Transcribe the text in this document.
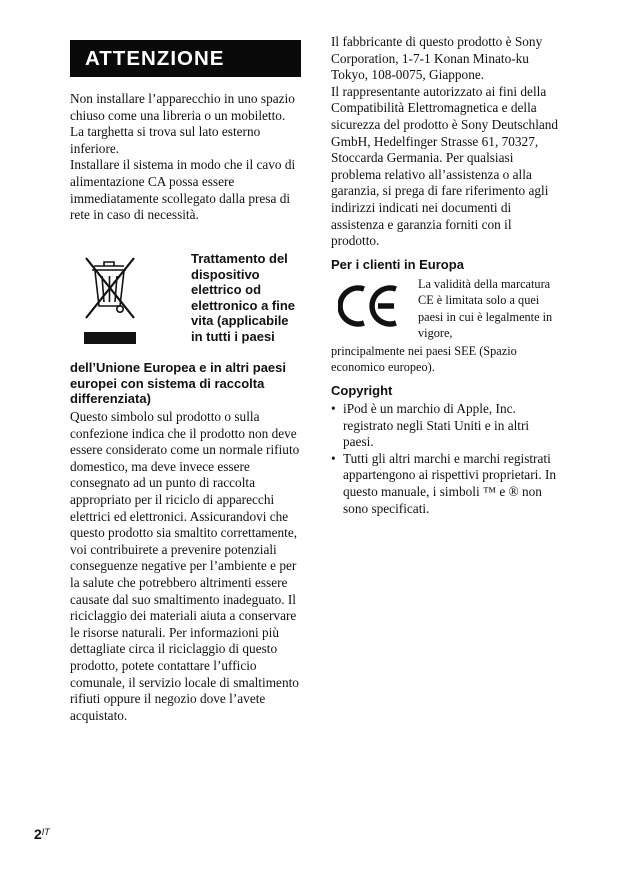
ATTENZIONE

Non installare l’apparecchio in uno spazio chiuso come una libreria o un mobiletto.

La targhetta si trova sul lato esterno inferiore.

Installare il sistema in modo che il cavo di alimentazione CA possa essere immediatamente scollegato dalla presa di rete in caso di necessità.

Trattamento del dispositivo elettrico od elettronico a fine vita (applicabile in tutti i paesi
dell’Unione Europea e in altri paesi europei con sistema di raccolta differenziata)

Questo simbolo sul prodotto o sulla confezione indica che il prodotto non deve essere considerato come un normale rifiuto domestico, ma deve invece essere consegnato ad un punto di raccolta appropriato per il riciclo di apparecchi elettrici ed elettronici. Assicurandovi che questo prodotto sia smaltito correttamente, voi contribuirete a prevenire potenziali conseguenze negative per l’ambiente e per la salute che potrebbero altrimenti essere causate dal suo smaltimento inadeguato. Il riciclaggio dei materiali aiuta a conservare le risorse naturali. Per informazioni più dettagliate circa il riciclaggio di questo prodotto, potete contattare l’ufficio comunale, il servizio locale di smaltimento rifiuti oppure il negozio dove l’avete acquistato.

Il fabbricante di questo prodotto è Sony Corporation, 1-7-1 Konan Minato-ku Tokyo, 108-0075, Giappone.

Il rappresentante autorizzato ai fini della Compatibilità Elettromagnetica e della sicurezza del prodotto è Sony Deutschland GmbH, Hedelfinger Strasse 61, 70327, Stoccarda Germania. Per qualsiasi problema relativo all’assistenza o alla garanzia, si prega di fare riferimento agli indirizzi indicati nei documenti di assistenza e garanzia forniti con il prodotto.

Per i clienti in Europa
La validità della marcatura CE è limitata solo a quei paesi in cui è legalmente in vigore,
principalmente nei paesi SEE (Spazio economico europeo).
Copyright
• iPod è un marchio di Apple, Inc. registrato negli Stati Uniti e in altri paesi.
• Tutti gli altri marchi e marchi registrati appartengono ai rispettivi proprietari. In questo manuale, i simboli ™ e ® non sono specificati.
$2^{IT}$
